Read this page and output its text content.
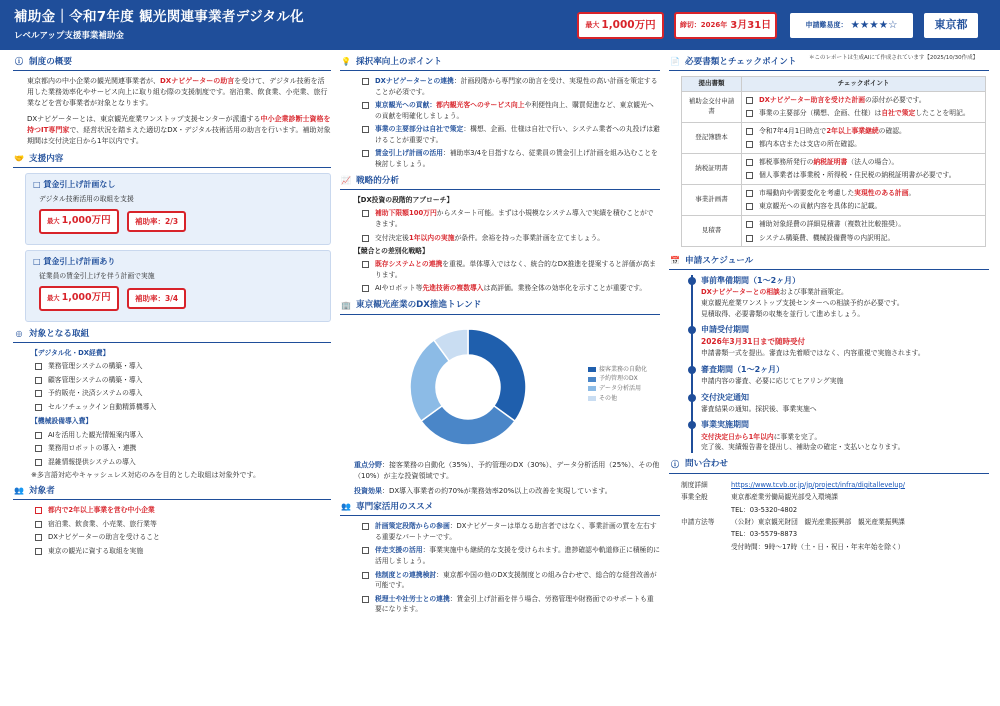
補助金｜令和7年度 観光関連事業者デジタル化
レベルアップ支援事業補助金
最大 1,000万円	締切：2026年 3月31日	申請難易度： ★★★★☆	東京都
＊このレポートは生成AIにて作成されています【2025/10/30作成】
ⓘ 制度の概要

東京都内の中小企業の観光関連事業者が、DXナビゲーターの助言を受けて、デジタル技術を活用した業務効率化やサービス向上に取り組む際の支援制度です。宿泊業、飲食業、小売業、旅行業などを営む事業者が対象となります。

DXナビゲーターとは、東京観光産業ワンストップ支援センターが派遣する中小企業診断士資格を持つIT専門家で、経営状況を踏まえた適切なDX・デジタル技術活用の助言を行います。補助対象期間は交付決定日から1年以内です。

🤝 支援内容
□ 賃金引上げ計画なし
デジタル技術活用の取組を支援
最大 1,000万円	補助率：2/3
□ 賃金引上げ計画あり
従業員の賃金引上げを伴う計画で実施
最大 1,000万円	補助率：3/4
◎ 対象となる取組
【デジタル化・DX経費】
業務管理システムの構築・導入
顧客管理システムの構築・導入
予約販売・決済システムの導入
セルフチェックイン自動精算機導入
【機械設備導入費】
AIを活用した観光情報案内導入
業務用ロボットの導入・連携
混雑情報提供システムの導入

※多言語対応やキャッシュレス対応のみを目的とした取組は対象外です。

👥 対象者
都内で2年以上事業を営む中小企業
宿泊業、飲食業、小売業、旅行業等
DXナビゲーターの助言を受けること
東京の観光に資する取組を実施
💡 採択率向上のポイント
DXナビゲーターとの連携：計画段階から専門家の助言を受け、実現性の高い計画を策定することが必須です。
東京観光への貢献：都内観光客へのサービス向上や利便性向上、購買促進など、東京観光への貢献を明確化しましょう。
事業の主要部分は自社で策定：構想、企画、仕様は自社で行い、システム業者への丸投げは避けることが重要です。
賃金引上げ計画の活用：補助率3/4を目指すなら、従業員の賃金引上げ計画を組み込むことを検討しましょう。
📈 戦略的分析
【DX投資の段階的アプローチ】
補助下限額100万円からスタート可能。まずは小規模なシステム導入で実績を積むことができます。
交付決定後1年以内の実施が条件。余裕を持った事業計画を立てましょう。
【競合との差別化戦略】
既存システムとの連携を重視。単体導入ではなく、統合的なDX推進を提案すると評価が高まります。
AIやロボット等先進技術の複数導入は高評価。業務全体の効率化を示すことが重要です。
🏢 東京観光産業のDX推進トレンド
接客業務の自動化
予約管理のDX
データ分析活用
その他

重点分野：接客業務の自動化（35%）、予約管理のDX（30%）、データ分析活用（25%）、その他（10%）が主な投資領域です。

投資効果：DX導入事業者の約70%が業務効率20%以上の改善を実現しています。

👥 専門家活用のススメ
計画策定段階からの参画：DXナビゲーターは単なる助言者ではなく、事業計画の質を左右する重要なパートナーです。
伴走支援の活用：事業実施中も継続的な支援を受けられます。進捗確認や軌道修正に積極的に活用しましょう。
他制度との連携検討：東京都や国の他のDX支援制度との組み合わせで、総合的な経営改善が可能です。
税理士や社労士との連携：賃金引上げ計画を伴う場合、労務管理や財務面でのサポートも重要になります。
📄 必要書類とチェックポイント
提出書類	チェックポイント
補助金交付申請書	DXナビゲーター助言を受けた計画の添付が必要です。
事業の主要部分（構想、企画、仕様）は自社で策定したことを明記。

登記簿謄本	令和7年4月1日時点で2年以上事業継続の確認。
都内本店または支店の所在確認。

納税証明書	都税事務所発行の納税証明書（法人の場合）。
個人事業者は事業税・所得税・住民税の納税証明書が必要です。

事業計画書	市場動向や需要変化を考慮した実現性のある計画。
東京観光への貢献内容を具体的に記載。

見積書	補助対象経費の詳細見積書（複数社比較推奨）。
システム構築費、機械設備費等の内訳明記。
📅 申請スケジュール
事前準備期間（1〜2ヶ月）
DXナビゲーターとの相談および事業計画策定。
東京観光産業ワンストップ支援センターへの相談予約が必要です。
見積取得、必要書類の収集を並行して進めましょう。
申請受付期間
2026年3月31日まで随時受付
申請書類一式を提出。審査は先着順ではなく、内容重視で実施されます。
審査期間（1〜2ヶ月）
申請内容の審査、必要に応じてヒアリング実施
交付決定通知
審査結果の通知。採択後、事業実施へ
事業実施期間
交付決定日から1年以内に事業を完了。
完了後、実績報告書を提出し、補助金の確定・支払いとなります。
ⓘ 問い合わせ
制度詳細	https://www.tcvb.or.jp/jp/project/infra/digitallevelup/
事業全般	東京都産業労働局観光部受入環境課
TEL：03-5320-4802
申請方法等	（公財）東京観光財団　観光産業振興部　観光産業振興課
TEL：03-5579-8873
受付時間：9時〜17時（土・日・祝日・年末年始を除く）
